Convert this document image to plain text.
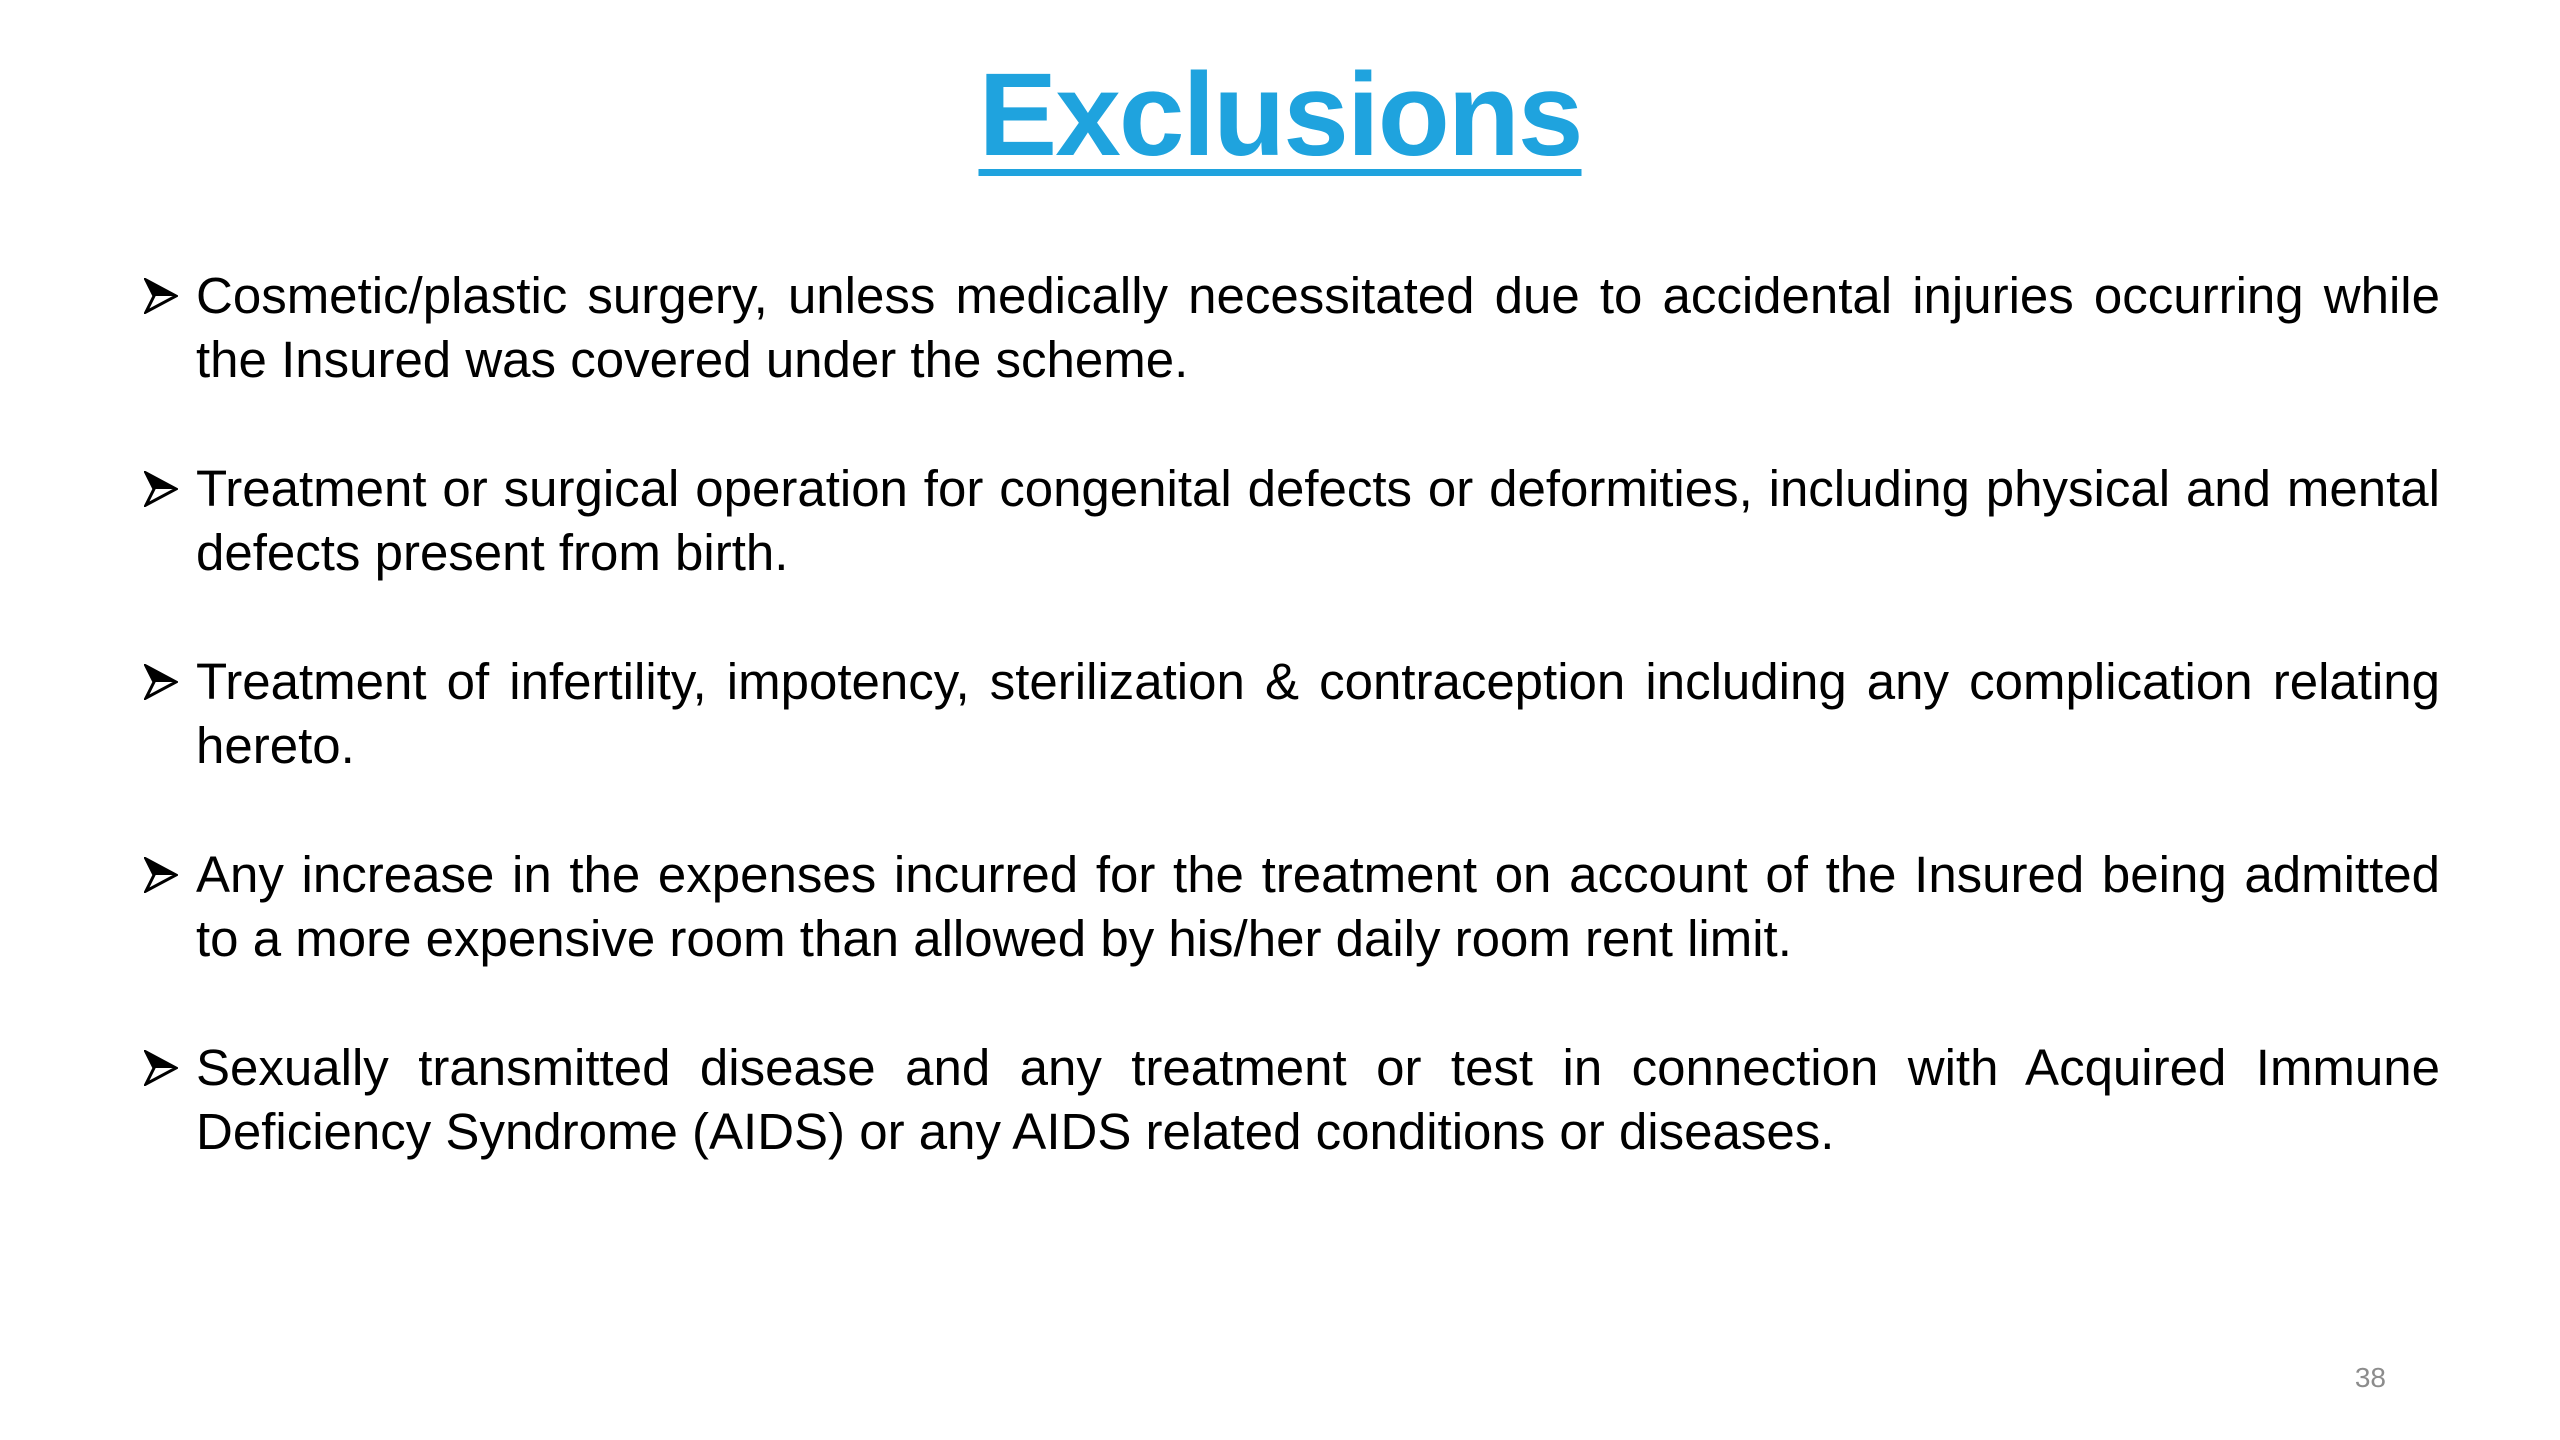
Exclusions
Cosmetic/plastic surgery, unless medically necessitated due to accidental injuries occurring while the Insured was covered under the scheme.
Treatment or surgical operation for congenital defects or deformities, including physical and mental defects present from birth.
Treatment of infertility, impotency, sterilization & contraception including any complication relating hereto.
Any increase in the expenses incurred for the treatment on account of the Insured being admitted to a more expensive room than allowed by his/her daily room rent limit.
Sexually transmitted disease and any treatment or test in connection with Acquired Immune Deficiency Syndrome (AIDS) or any AIDS related conditions or diseases.
38
